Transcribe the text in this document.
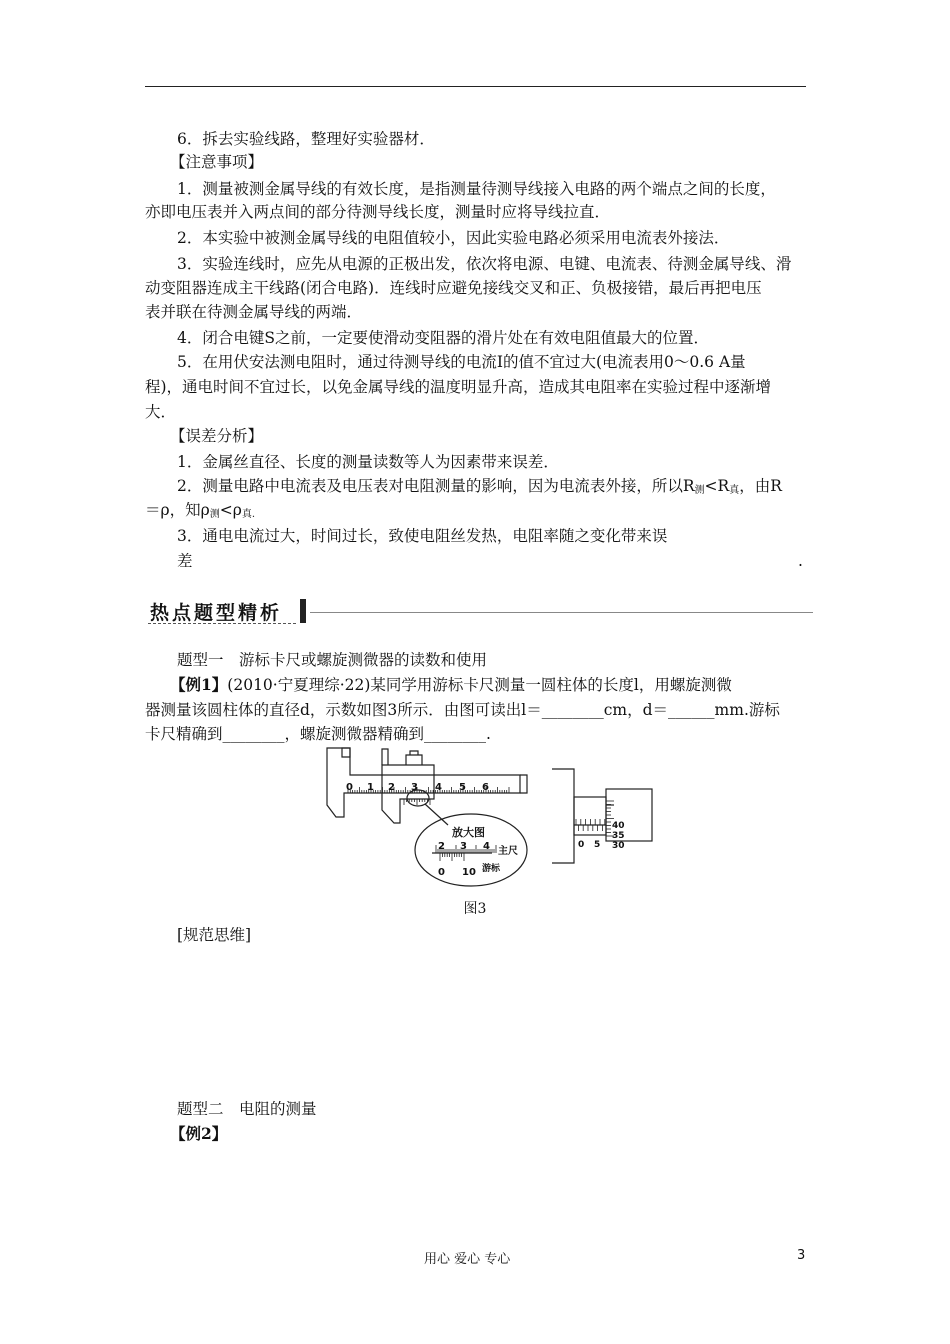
6．拆去实验线路，整理好实验器材．
【注意事项】
1．测量被测金属导线的有效长度，是指测量待测导线接入电路的两个端点之间的长度，
亦即电压表并入两点间的部分待测导线长度，测量时应将导线拉直．
2．本实验中被测金属导线的电阻值较小，因此实验电路必须采用电流表外接法．
3．实验连线时，应先从电源的正极出发，依次将电源、电键、电流表、待测金属导线、滑
动变阻器连成主干线路(闭合电路)．连线时应避免接线交叉和正、负极接错，最后再把电压
表并联在待测金属导线的两端．
4．闭合电键S之前，一定要使滑动变阻器的滑片处在有效电阻值最大的位置．
5．在用伏安法测电阻时，通过待测导线的电流I的值不宜过大(电流表用0～0.6 A量
程)，通电时间不宜过长，以免金属导线的温度明显升高，造成其电阻率在实验过程中逐渐增
大．
【误差分析】
1．金属丝直径、长度的测量读数等人为因素带来误差．
2．测量电路中电流表及电压表对电阻测量的影响，因为电流表外接，所以$R_测<R_真$，由R
＝ρ，知$\rho_测<\rho_{真.}$
3．通电电流过大，时间过长，致使电阻丝发热，电阻率随之变化带来误
差	.
热点题型精析
题型一　游标卡尺或螺旋测微器的读数和使用
【例1】(2010·宁夏理综·22)某同学用游标卡尺测量一圆柱体的长度l，用螺旋测微
器测量该圆柱体的直径d，示数如图3所示．由图可读出l＝________cm，d＝______mm.游标
卡尺精确到________，螺旋测微器精确到________.
0 1 2 3 4 5 6
放大图
2 3 4
0 10
主尺
游标
0 5
40
35
30
图3
[规范思维]
题型二　电阻的测量
【例2】
用心 爱心 专心	3
